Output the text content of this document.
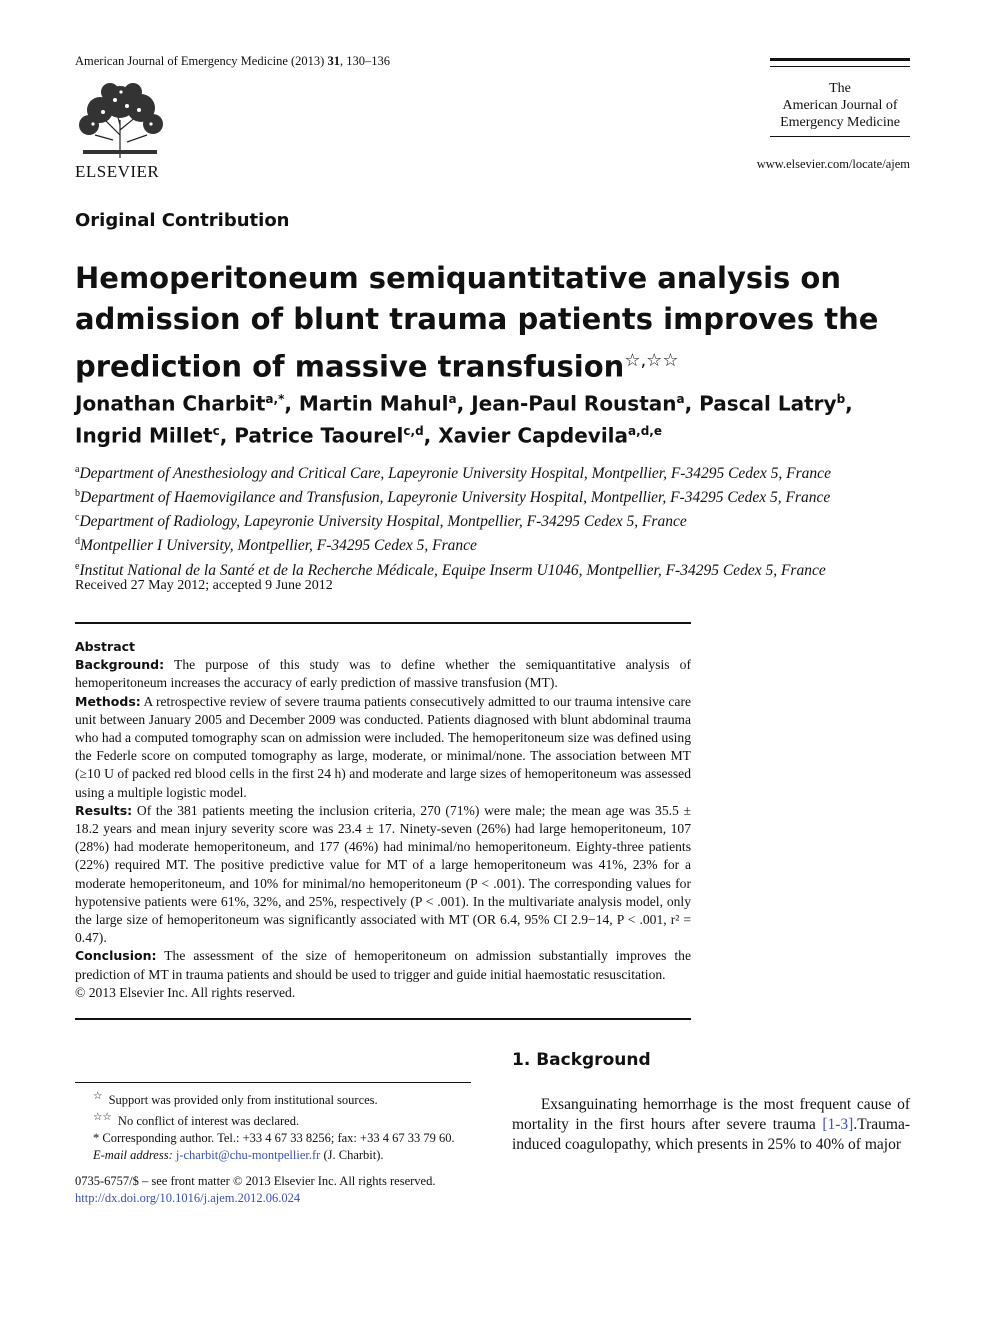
American Journal of Emergency Medicine (2013) 31, 130–136
ELSEVIER
The
American Journal of
Emergency Medicine
www.elsevier.com/locate/ajem
Original Contribution
Hemoperitoneum semiquantitative analysis on admission of blunt trauma patients improves the prediction of massive transfusion☆,☆☆
Jonathan Charbit$^{a,*}$, Martin Mahul$^a$, Jean-Paul Roustan$^a$, Pascal Latry$^b$,
Ingrid Millet$^c$, Patrice Taourel$^{c,d}$, Xavier Capdevila$^{a,d,e}$
$^a$Department of Anesthesiology and Critical Care, Lapeyronie University Hospital, Montpellier, F-34295 Cedex 5, France
$^b$Department of Haemovigilance and Transfusion, Lapeyronie University Hospital, Montpellier, F-34295 Cedex 5, France
$^c$Department of Radiology, Lapeyronie University Hospital, Montpellier, F-34295 Cedex 5, France
$^d$Montpellier I University, Montpellier, F-34295 Cedex 5, France
$^e$Institut National de la Santé et de la Recherche Médicale, Equipe Inserm U1046, Montpellier, F-34295 Cedex 5, France
Received 27 May 2012; accepted 9 June 2012

Abstract

Background: The purpose of this study was to define whether the semiquantitative analysis of hemoperitoneum increases the accuracy of early prediction of massive transfusion (MT).

Methods: A retrospective review of severe trauma patients consecutively admitted to our trauma intensive care unit between January 2005 and December 2009 was conducted. Patients diagnosed with blunt abdominal trauma who had a computed tomography scan on admission were included. The hemoperitoneum size was defined using the Federle score on computed tomography as large, moderate, or minimal/none. The association between MT (≥10 U of packed red blood cells in the first 24 h) and moderate and large sizes of hemoperitoneum was assessed using a multiple logistic model.

Results: Of the 381 patients meeting the inclusion criteria, 270 (71%) were male; the mean age was 35.5 ± 18.2 years and mean injury severity score was 23.4 ± 17. Ninety-seven (26%) had large hemoperitoneum, 107 (28%) had moderate hemoperitoneum, and 177 (46%) had minimal/no hemoperitoneum. Eighty-three patients (22%) required MT. The positive predictive value for MT of a large hemoperitoneum was 41%, 23% for a moderate hemoperitoneum, and 10% for minimal/no hemoperitoneum (P < .001). The corresponding values for hypotensive patients were 61%, 32%, and 25%, respectively (P < .001). In the multivariate analysis model, only the large size of hemoperitoneum was significantly associated with MT (OR 6.4, 95% CI 2.9−14, P < .001, r² = 0.47).

Conclusion: The assessment of the size of hemoperitoneum on admission substantially improves the prediction of MT in trauma patients and should be used to trigger and guide initial haemostatic resuscitation.

© 2013 Elsevier Inc. All rights reserved.

1. Background
Exsanguinating hemorrhage is the most frequent cause of mortality in the first hours after severe trauma [1-3].Trauma-induced coagulopathy, which presents in 25% to 40% of major
☆ Support was provided only from institutional sources.
☆☆ No conflict of interest was declared.
* Corresponding author. Tel.: +33 4 67 33 8256; fax: +33 4 67 33 79 60.
E-mail address: j-charbit@chu-montpellier.fr (J. Charbit).
0735-6757/$ – see front matter © 2013 Elsevier Inc. All rights reserved.
http://dx.doi.org/10.1016/j.ajem.2012.06.024
